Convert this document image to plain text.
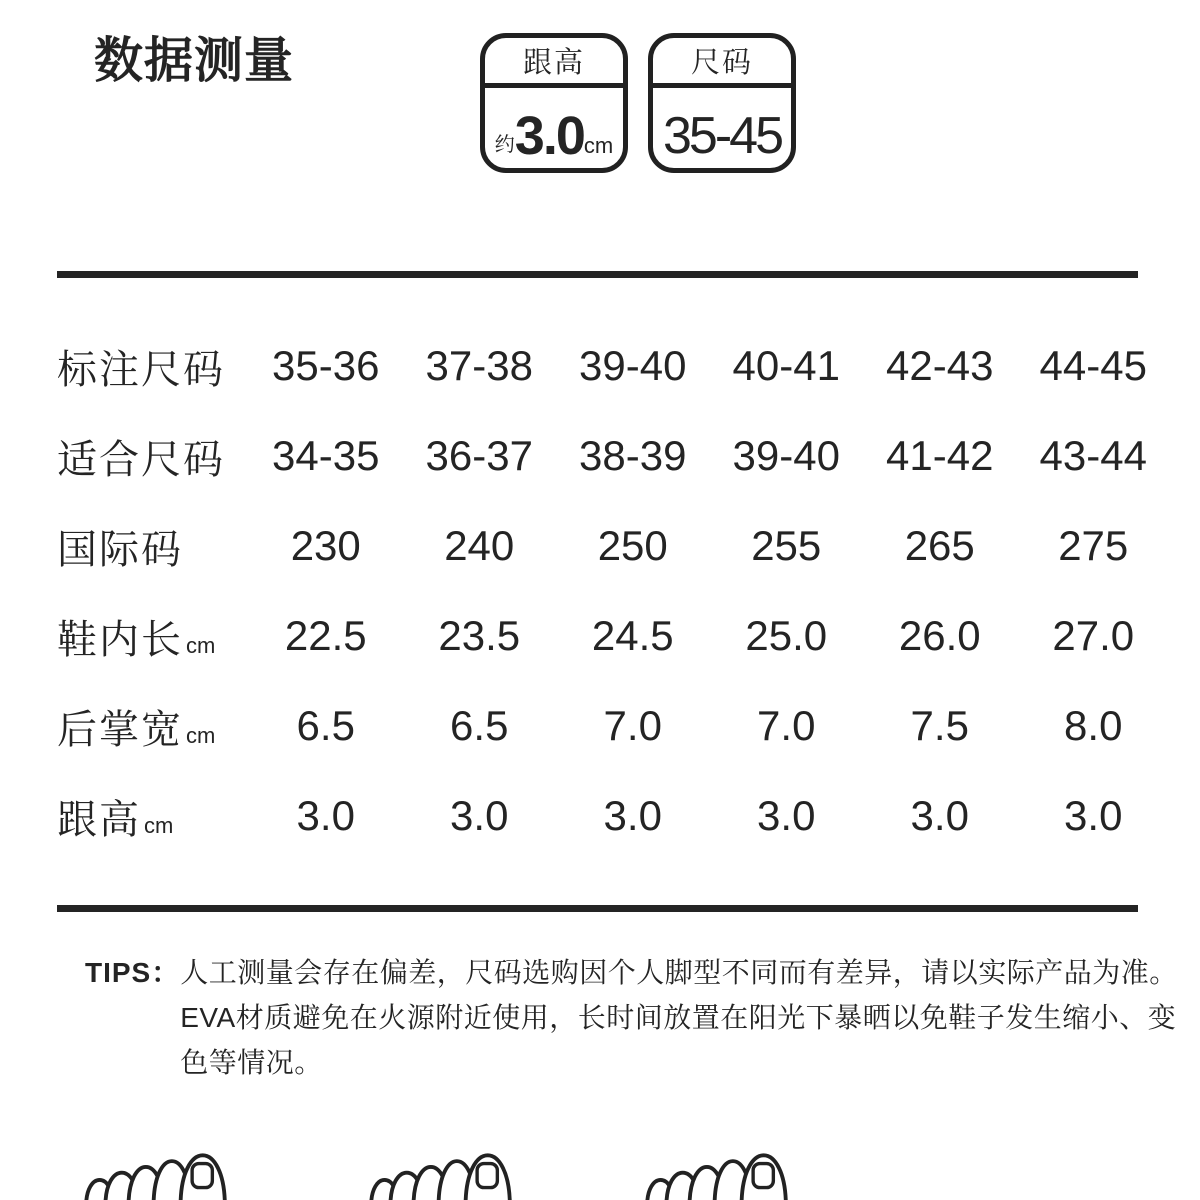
数据测量	跟高
约 3.0 cm
尺码
35-45
标注尺码	35-36	37-38	39-40	40-41	42-43	44-45
适合尺码	34-35	36-37	38-39	39-40	41-42	43-44
国际码	230	240	250	255	265	275
鞋内长 cm	22.5	23.5	24.5	25.0	26.0	27.0
后掌宽 cm	6.5	6.5	7.0	7.0	7.5	8.0
跟高 cm	3.0	3.0	3.0	3.0	3.0	3.0
TIPS： 人工测量会存在偏差，尺码选购因个人脚型不同而有差异，请以实际产品为准。
EVA材质避免在火源附近使用，长时间放置在阳光下暴晒以免鞋子发生缩小、变
色等情况。
